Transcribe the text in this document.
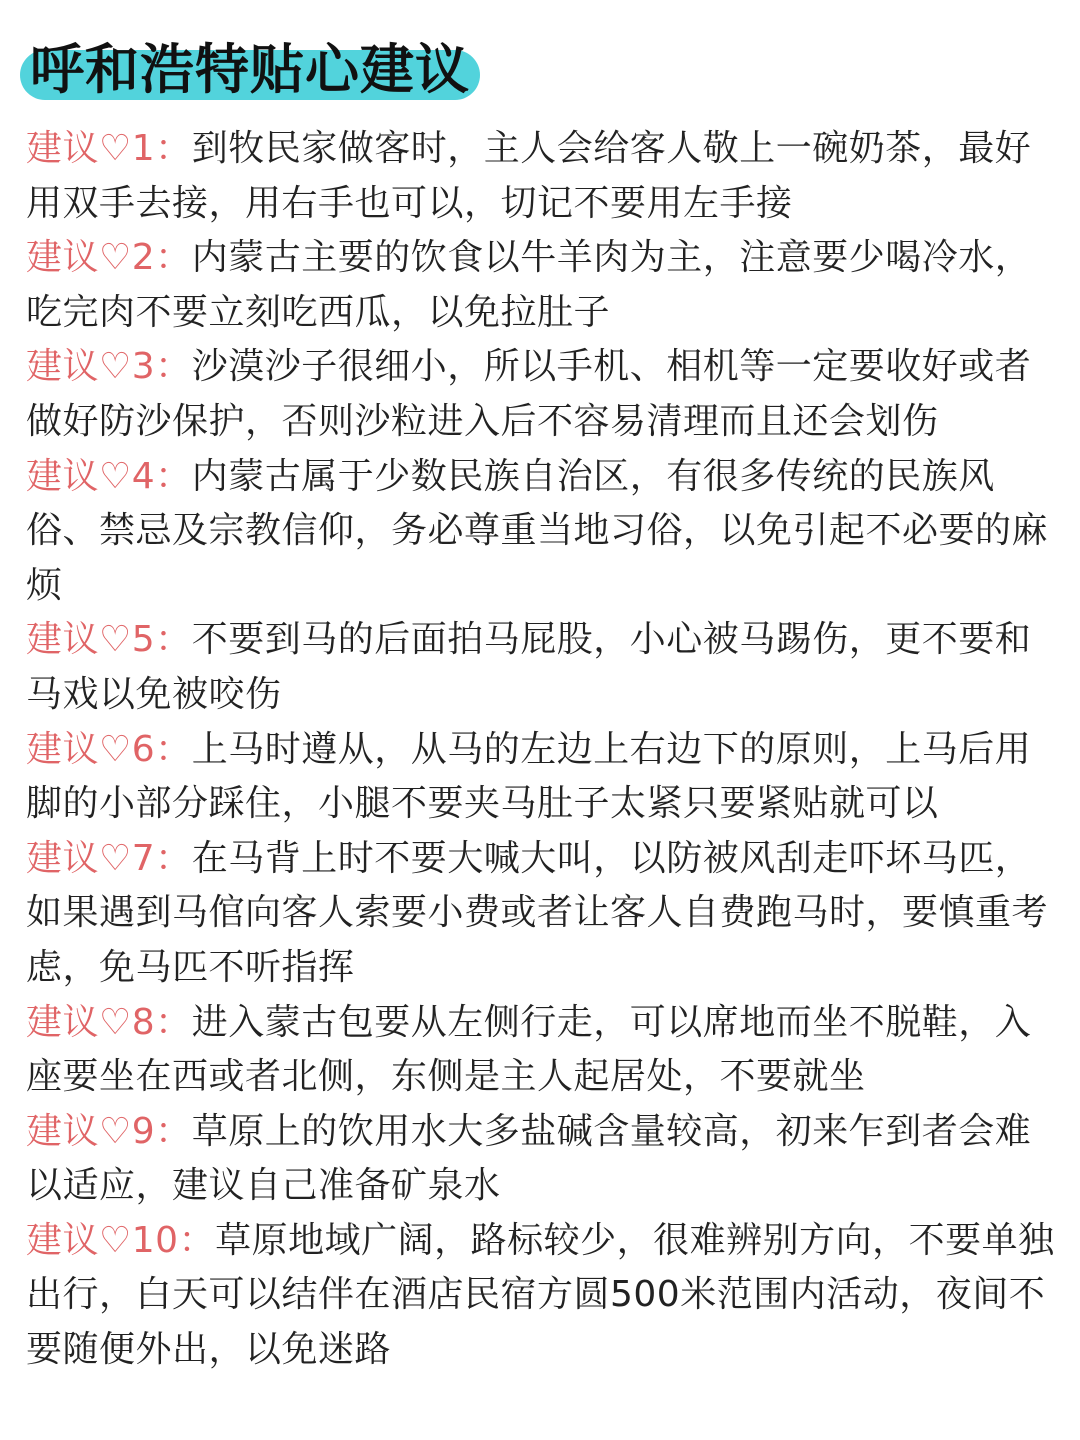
呼和浩特贴心建议
建议♡1：到牧民家做客时，主人会给客人敬上一碗奶茶，最好用双手去接，用右手也可以，切记不要用左手接
建议♡2：内蒙古主要的饮食以牛羊肉为主，注意要少喝冷水，吃完肉不要立刻吃西瓜，以免拉肚子
建议♡3：沙漠沙子很细小，所以手机、相机等一定要收好或者做好防沙保护，否则沙粒进入后不容易清理而且还会划伤
建议♡4：内蒙古属于少数民族自治区，有很多传统的民族风俗、禁忌及宗教信仰，务必尊重当地习俗，以免引起不必要的麻烦
建议♡5：不要到马的后面拍马屁股，小心被马踢伤，更不要和马戏以免被咬伤
建议♡6：上马时遵从，从马的左边上右边下的原则，上马后用脚的小部分踩住，小腿不要夹马肚子太紧只要紧贴就可以
建议♡7：在马背上时不要大喊大叫，以防被风刮走吓坏马匹，如果遇到马倌向客人索要小费或者让客人自费跑马时，要慎重考虑，免马匹不听指挥
建议♡8：进入蒙古包要从左侧行走，可以席地而坐不脱鞋，入座要坐在西或者北侧，东侧是主人起居处，不要就坐
建议♡9：草原上的饮用水大多盐碱含量较高，初来乍到者会难以适应，建议自己准备矿泉水
建议♡10：草原地域广阔，路标较少，很难辨别方向，不要单独出行，白天可以结伴在酒店民宿方圆500米范围内活动，夜间不要随便外出，以免迷路
